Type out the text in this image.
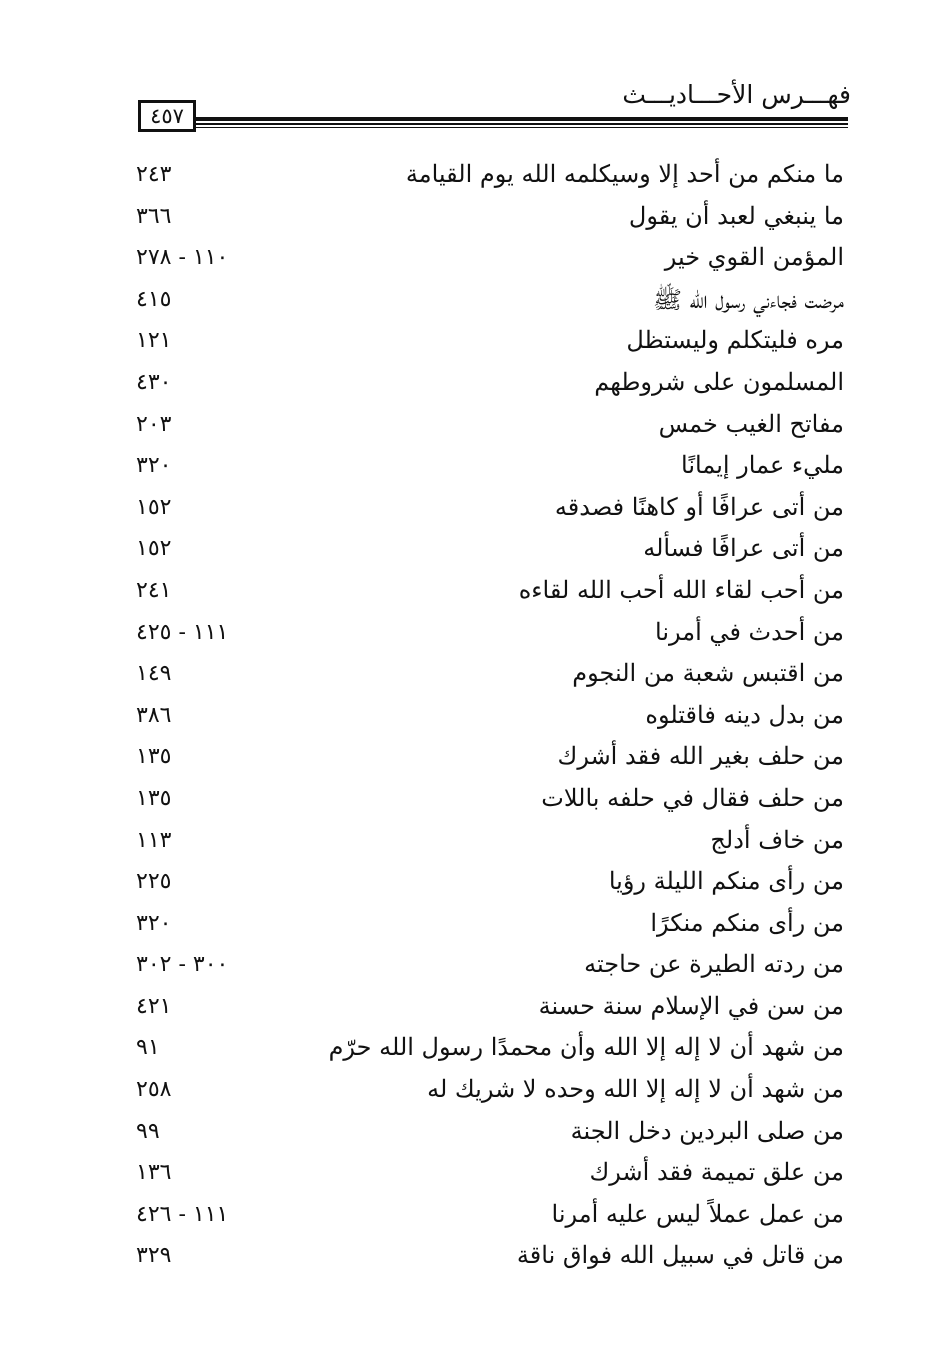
فهـــرس الأحـــاديـــث
٤٥٧
ما منكم من أحد إلا وسيكلمه الله يوم القيامة
٢٤٣
ما ينبغي لعبد أن يقول
٣٦٦
المؤمن القوي خير
١١٠ - ٢٧٨
مرضت فجاءني رسول الله ﷺ
٤١٥
مره فليتكلم وليستظل
١٢١
المسلمون على شروطهم
٤٣٠
مفاتح الغيب خمس
٢٠٣
مليء عمار إيمانًا
٣٢٠
من أتى عرافًا أو كاهنًا فصدقه
١٥٢
من أتى عرافًا فسأله
١٥٢
من أحب لقاء الله أحب الله لقاءه
٢٤١
من أحدث في أمرنا
١١١ - ٤٢٥
من اقتبس شعبة من النجوم
١٤٩
من بدل دينه فاقتلوه
٣٨٦
من حلف بغير الله فقد أشرك
١٣٥
من حلف فقال في حلفه باللات
١٣٥
من خاف أدلج
١١٣
من رأى منكم الليلة رؤيا
٢٢٥
من رأى منكم منكرًا
٣٢٠
من ردته الطيرة عن حاجته
٣٠٠ - ٣٠٢
من سن في الإسلام سنة حسنة
٤٢١
من شهد أن لا إله إلا الله وأن محمدًا رسول الله حرّم
٩١
من شهد أن لا إله إلا الله وحده لا شريك له
٢٥٨
من صلى البردين دخل الجنة
٩٩
من علق تميمة فقد أشرك
١٣٦
من عمل عملاً ليس عليه أمرنا
١١١ - ٤٢٦
من قاتل في سبيل الله فواق ناقة
٣٢٩
